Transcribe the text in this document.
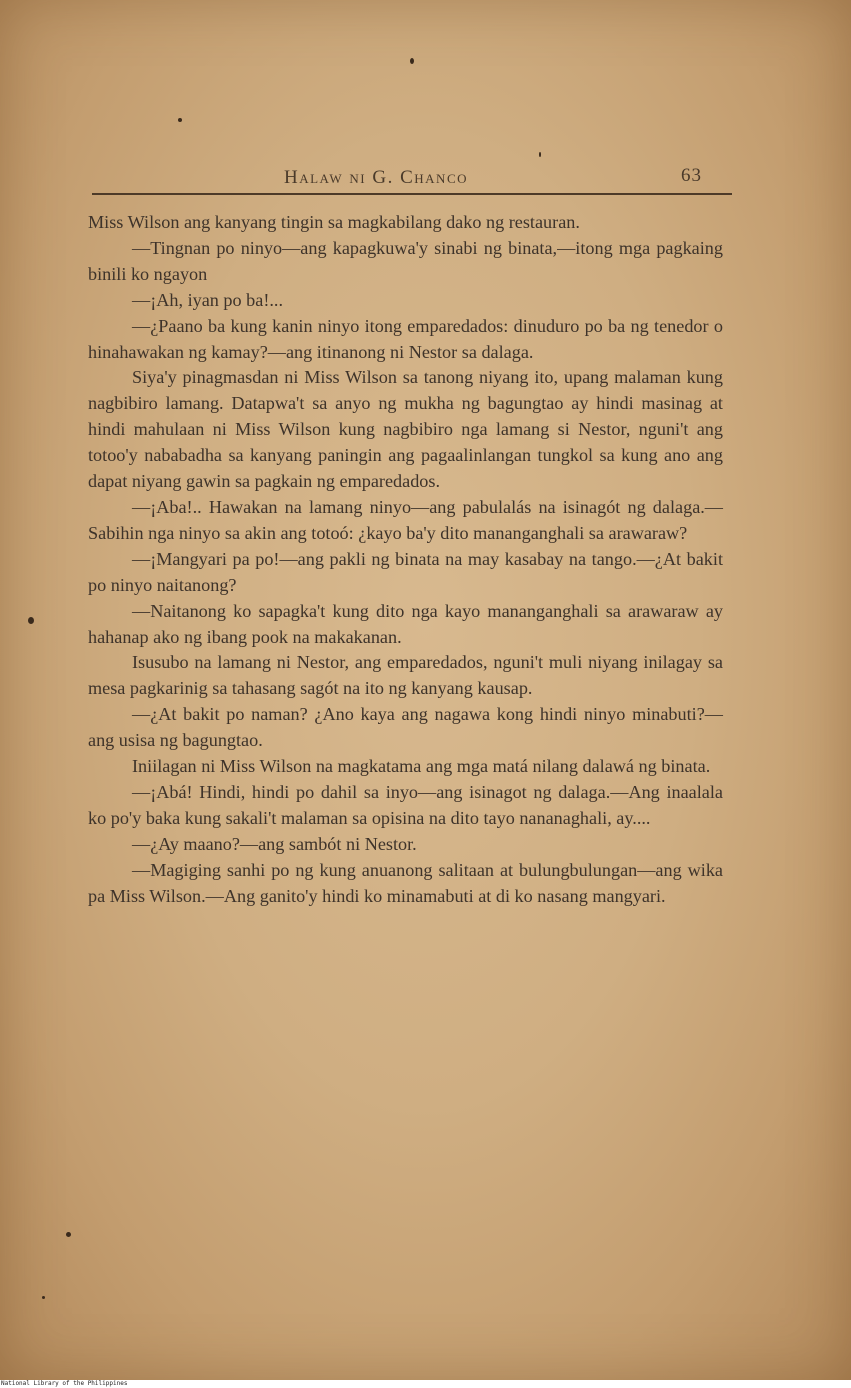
Halaw ni G. Chanco	63

Miss Wilson ang kanyang tingin sa magkabilang dako ng restauran.

—Tingnan po ninyo—ang kapagkuwa'y sinabi ng binata,—itong mga pagkaing binili ko ngayon

—¡Ah, iyan po ba!...

—¿Paano ba kung kanin ninyo itong emparedados: dinuduro po ba ng tenedor o hinahawakan ng kamay?—ang itinanong ni Nestor sa dalaga.

Siya'y pinagmasdan ni Miss Wilson sa tanong niyang ito, upang malaman kung nagbibiro lamang. Datapwa't sa anyo ng mukha ng bagungtao ay hindi masinag at hindi mahulaan ni Miss Wilson kung nagbibiro nga lamang si Nestor, nguni't ang totoo'y nababadha sa kanyang paningin ang pagaalinlangan tungkol sa kung ano ang dapat niyang gawin sa pagkain ng emparedados.

—¡Aba!.. Hawakan na lamang ninyo—ang pabulalás na isinagót ng dalaga.—Sabihin nga ninyo sa akin ang totoó: ¿kayo ba'y dito mananganghali sa arawaraw?

—¡Mangyari pa po!—ang pakli ng binata na may kasabay na tango.—¿At bakit po ninyo naitanong?

—Naitanong ko sapagka't kung dito nga kayo mananganghali sa arawaraw ay hahanap ako ng ibang pook na makakanan.

Isusubo na lamang ni Nestor, ang emparedados, nguni't muli niyang inilagay sa mesa pagkarinig sa tahasang sagót na ito ng kanyang kausap.

—¿At bakit po naman? ¿Ano kaya ang nagawa kong hindi ninyo minabuti?—ang usisa ng bagungtao.

Iniilagan ni Miss Wilson na magkatama ang mga matá nilang dalawá ng binata.

—¡Abá! Hindi, hindi po dahil sa inyo—ang isinagot ng dalaga.—Ang inaalala ko po'y baka kung sakali't malaman sa opisina na dito tayo nananaghali, ay....

—¿Ay maano?—ang sambót ni Nestor.

—Magiging sanhi po ng kung anuanong salitaan at bulungbulungan—ang wika pa Miss Wilson.—Ang ganito'y hindi ko minamabuti at di ko nasang mangyari.

National Library of the Philippines
